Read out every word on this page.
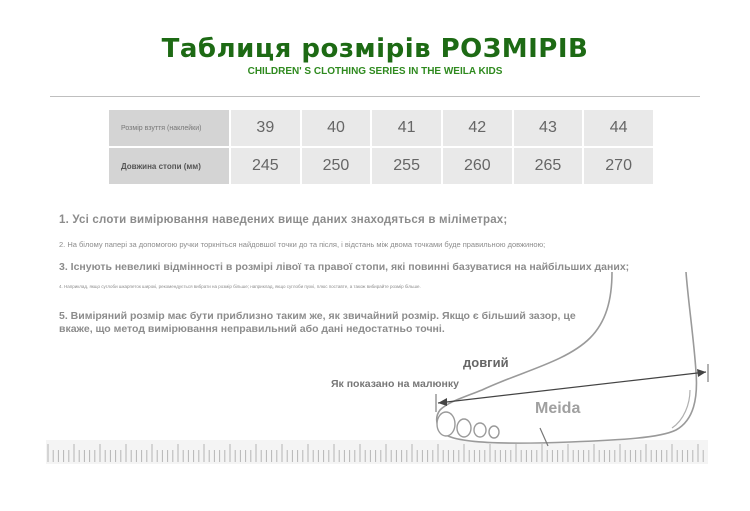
Таблиця розмірів РОЗМІРІВ
CHILDREN' S CLOTHING SERIES IN THE WEILA KIDS
Розмір взуття (наклейки)	39	40	41	42	43	44
Довжина стопи (мм)	245	250	255	260	265	270
1. Усі слоти вимірювання наведених вище даних знаходяться в міліметрах;
2. На білому папері за допомогою ручки торкніться найдовшої точки до та після, і відстань між двома точками буде правильною довжиною;
3. Існують невеликі відмінності в розмірі лівої та правої стопи, які повинні базуватися на найбільших даних;
4. Наприклад, якщо суглоби шкарпеток широкі, рекомендується вибрати на розмір більше; наприклад, якщо суглоби пухкі, плюс поставте, а також вибирайте розмір більше.
5. Виміряний розмір має бути приблизно таким же, як звичайний розмір. Якщо є більший зазор, це вкаже, що метод вимірювання неправильний або дані недостатньо точні.
довгий
Як показано на малюнку
Meida
